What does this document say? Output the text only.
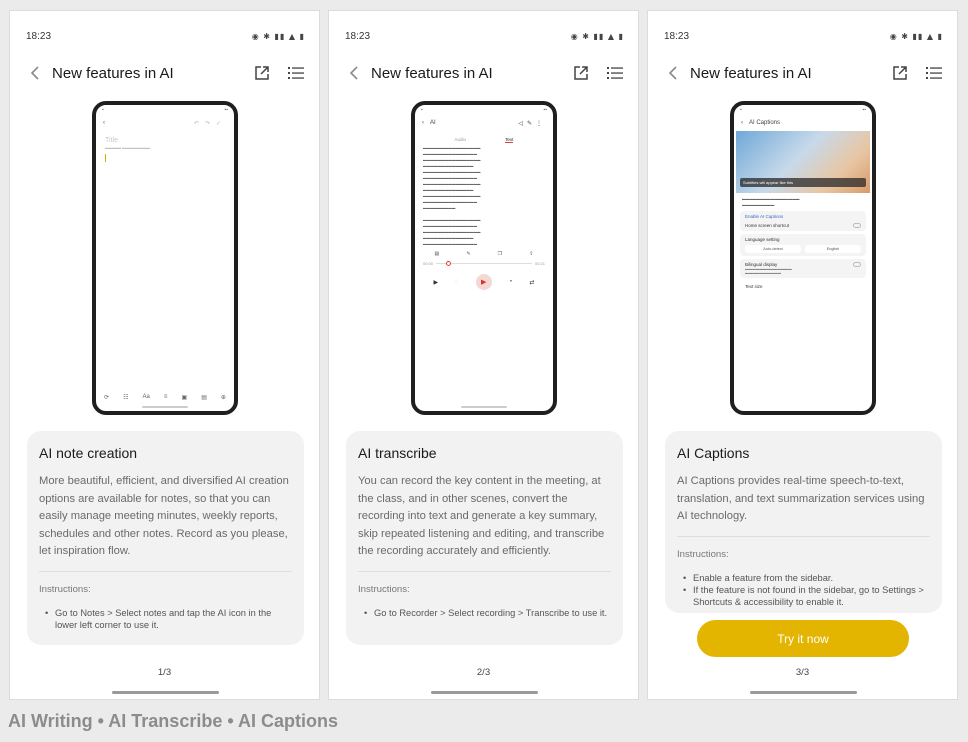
18:23	◉ ✱ ▮▮ ▲ ▮
New features in AI
▪	▪▪
‹	↶↷✓
Title
▬▬▬▬ ▬▬▬▬▬▬▬
⟳ ☷ Aa ≡ ▣ ▤ ⊕
AI note creation

More beautiful, efficient, and diversified AI creation options are available for notes, so that you can easily manage meeting minutes, weekly reports, schedules and other notes. Record as you please, let inspiration flow.

Instructions:
• Go to Notes > Select notes and tap the AI icon in the lower left corner to use it.
1/3
18:23	◉ ✱ ▮▮ ▲ ▮
New features in AI
▪	▪▪
‹ AI	◁✎⋮
Audio	Text
▬▬▬▬▬▬▬▬▬▬▬▬▬▬▬▬
▬▬▬▬▬▬▬▬▬▬▬▬▬▬▬
▬▬▬▬▬▬▬▬▬▬▬▬▬▬▬▬
▬▬▬▬▬▬▬▬▬▬▬▬▬▬
▬▬▬▬▬▬▬▬▬▬▬▬▬▬▬▬
▬▬▬▬▬▬▬▬▬▬▬▬▬▬▬
▬▬▬▬▬▬▬▬▬▬▬▬▬▬▬▬
▬▬▬▬▬▬▬▬▬▬▬▬▬▬
▬▬▬▬▬▬▬▬▬▬▬▬▬▬▬▬
▬▬▬▬▬▬▬▬▬▬▬▬▬▬▬
▬▬▬▬▬▬▬▬▬

▬▬▬▬▬▬▬▬▬▬▬▬▬▬▬▬
▬▬▬▬▬▬▬▬▬▬▬▬▬▬▬
▬▬▬▬▬▬▬▬▬▬▬▬▬▬▬▬
▬▬▬▬▬▬▬▬▬▬▬▬▬▬
▬▬▬▬▬▬▬▬▬▬▬▬▬▬▬
▤	✎	❐	⇪
00:00	00:21
▶	◌	▶	◔	⇄
AI transcribe

You can record the key content in the meeting, at the class, and in other scenes, convert the recording into text and generate a key summary, skip repeated listening and editing, and transcribe the recording accurately and efficiently.

Instructions:
• Go to Recorder > Select recording > Transcribe to use it.
2/3
18:23	◉ ✱ ▮▮ ▲ ▮
New features in AI
▪	▪▪
‹ AI Captions
Subtitles will appear like this
▬▬▬▬▬▬▬▬▬▬▬▬▬▬▬▬
▬▬▬▬▬▬▬▬▬
Enable AI Captions
Home screen shortcut
Language setting
Auto-detect	English
Bilingual display
▬▬▬▬▬▬▬▬▬▬▬▬▬
▬▬▬▬▬▬▬▬▬▬
Text size
AI Captions

AI Captions provides real-time speech-to-text, translation, and text summarization services using AI technology.

Instructions:
• Enable a feature from the sidebar.
• If the feature is not found in the sidebar, go to Settings > Shortcuts & accessibility to enable it.
Try it now
3/3
AI Writing • AI Transcribe • AI Captions
